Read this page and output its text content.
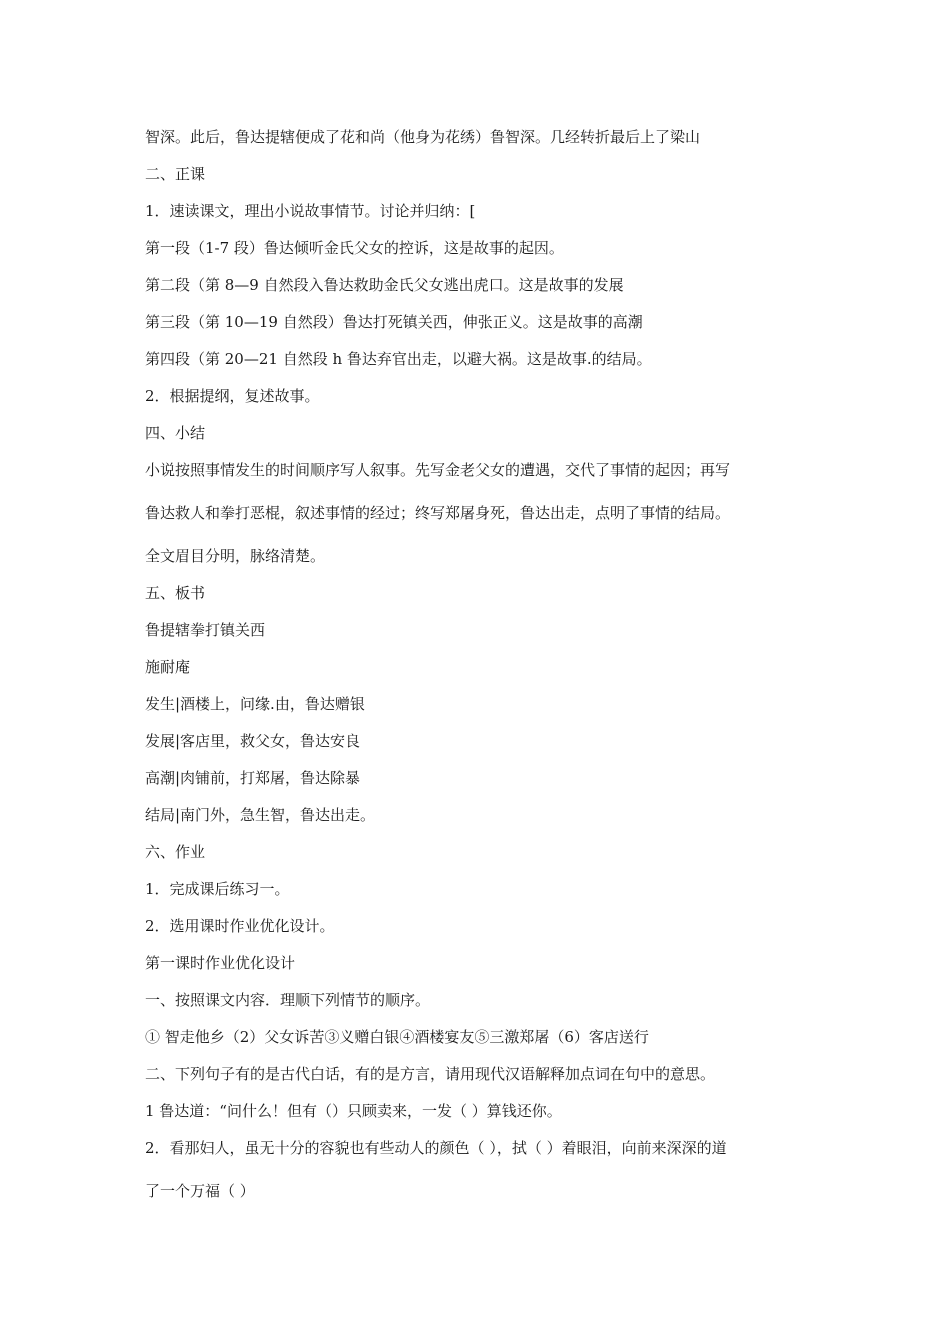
智深。此后，鲁达提辖便成了花和尚（他身为花绣）鲁智深。几经转折最后上了梁山
二、正课
1．速读课文，理出小说故事情节。讨论并归纳：[
第一段（1-7 段）鲁达倾听金氏父女的控诉，这是故事的起因。
第二段（第 8—9 自然段入鲁达救助金氏父女逃出虎口。这是故事的发展
第三段（第 10—19 自然段）鲁达打死镇关西，伸张正义。这是故事的高潮
第四段（第 20—21 自然段 h 鲁达弃官出走，以避大祸。这是故事.的结局。
2．根据提纲，复述故事。
四、小结
小说按照事情发生的时间顺序写人叙事。先写金老父女的遭遇，交代了事情的起因；再写
鲁达救人和拳打恶棍，叙述事情的经过；终写郑屠身死，鲁达出走，点明了事情的结局。
全文眉目分明，脉络清楚。
五、板书
鲁提辖拳打镇关西
施耐庵
发生|酒楼上，问缘.由，鲁达赠银
发展|客店里，救父女，鲁达安良
高潮|肉铺前，打郑屠，鲁达除暴
结局|南门外，急生智，鲁达出走。
六、作业
1．完成课后练习一。
2．选用课时作业优化设计。
第一课时作业优化设计
一、按照课文内容．理顺下列情节的顺序。
① 智走他乡（2）父女诉苦③义赠白银④酒楼宴友⑤三激郑屠（6）客店送行
二、下列句子有的是古代白话，有的是方言，请用现代汉语解释加点词在句中的意思。
1 鲁达道：“问什么！但有（）只顾卖来，一发（ ）算钱还你。
2．看那妇人，虽无十分的容貌也有些动人的颜色（ ），拭（ ）着眼泪，向前来深深的道
了一个万福（ ）
